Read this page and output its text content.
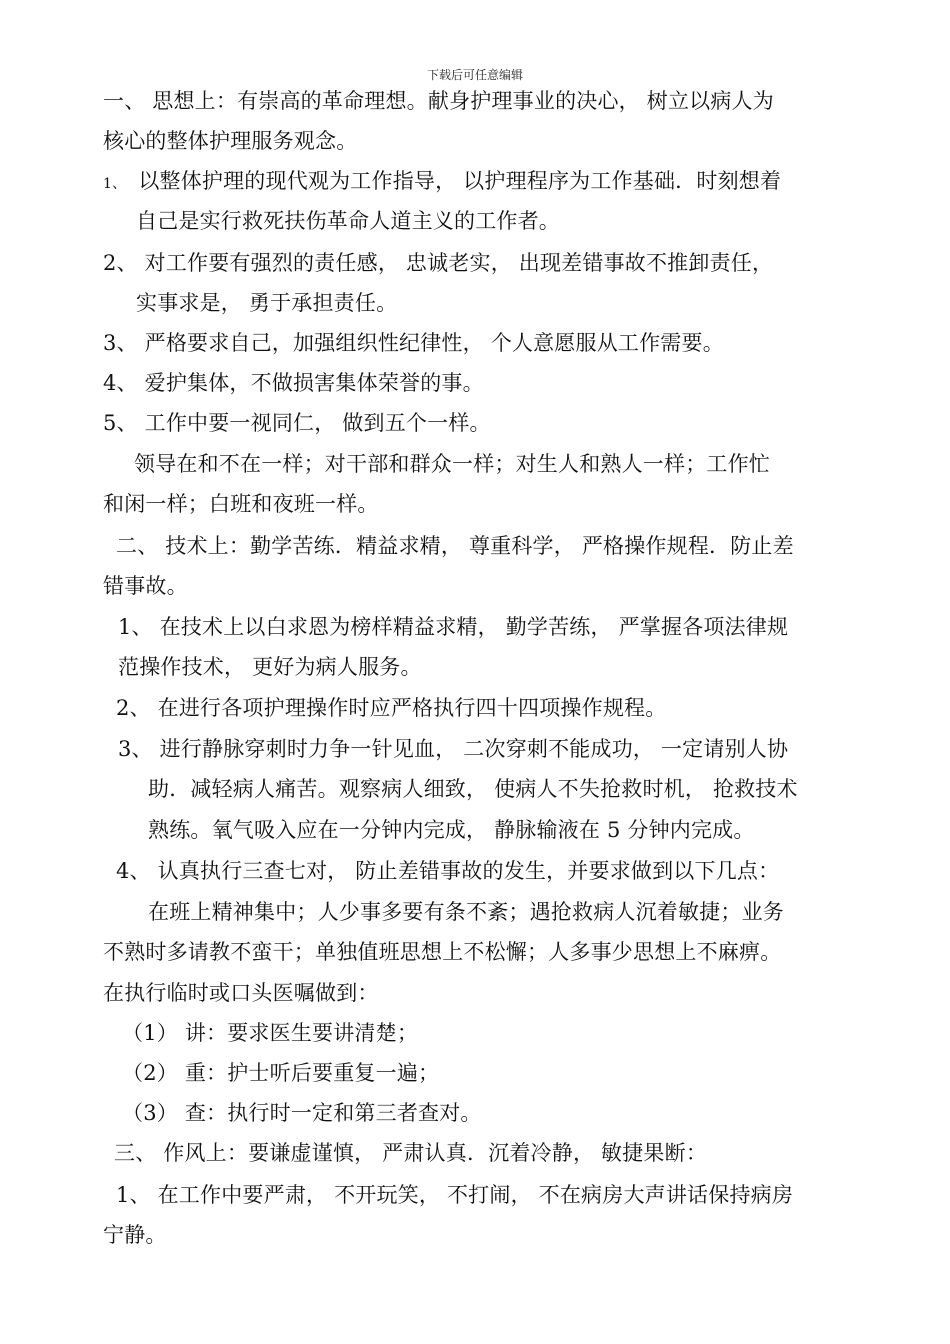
下载后可任意编辑
一、 思想上：有崇高的革命理想。献身护理事业的决心， 树立以病人为
核心的整体护理服务观念。
1、 以整体护理的现代观为工作指导， 以护理程序为工作基础．时刻想着
自己是实行救死扶伤革命人道主义的工作者。
2、 对工作要有强烈的责任感， 忠诚老实， 出现差错事故不推卸责任，
实事求是， 勇于承担责任。
3、 严格要求自己，加强组织性纪律性， 个人意愿服从工作需要。
4、 爱护集体，不做损害集体荣誉的事。
5、 工作中要一视同仁， 做到五个一样。
领导在和不在一样；对干部和群众一样；对生人和熟人一样；工作忙
和闲一样；白班和夜班一样。
二、 技术上：勤学苦练．精益求精， 尊重科学， 严格操作规程．防止差
错事故。
1、 在技术上以白求恩为榜样精益求精， 勤学苦练， 严掌握各项法律规
范操作技术， 更好为病人服务。
2、 在进行各项护理操作时应严格执行四十四项操作规程。
3、 进行静脉穿刺时力争一针见血， 二次穿刺不能成功， 一定请别人协
助．减轻病人痛苦。观察病人细致， 使病人不失抢救时机， 抢救技术
熟练。氧气吸入应在一分钟内完成， 静脉输液在 5 分钟内完成。
4、 认真执行三查七对， 防止差错事故的发生，并要求做到以下几点：
在班上精神集中；人少事多要有条不紊；遇抢救病人沉着敏捷；业务
不熟时多请教不蛮干；单独值班思想上不松懈；人多事少思想上不麻痹。
在执行临时或口头医嘱做到：
（1） 讲：要求医生要讲清楚；
（2） 重：护士听后要重复一遍；
（3） 查：执行时一定和第三者查对。
三、 作风上：要谦虚谨慎， 严肃认真．沉着冷静， 敏捷果断：
1、 在工作中要严肃， 不开玩笑， 不打闹， 不在病房大声讲话保持病房
宁静。
